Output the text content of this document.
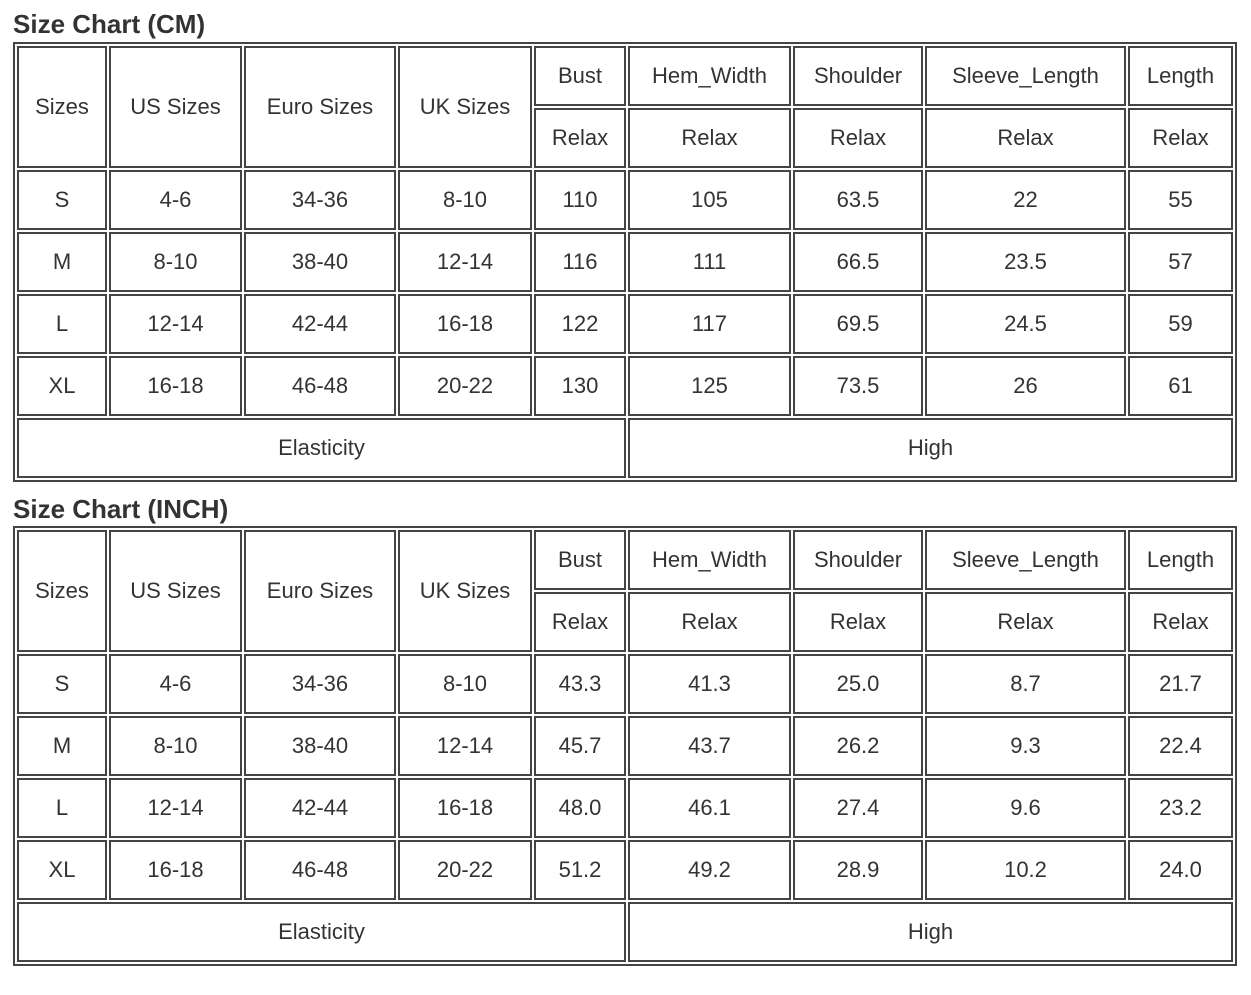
Size Chart (CM)
Sizes	US Sizes	Euro Sizes	UK Sizes	Bust	Hem_Width	Shoulder	Sleeve_Length	Length
				Relax	Relax	Relax	Relax	Relax
S	4-6	34-36	8-10	110	105	63.5	22	55
M	8-10	38-40	12-14	116	111	66.5	23.5	57
L	12-14	42-44	16-18	122	117	69.5	24.5	59
XL	16-18	46-48	20-22	130	125	73.5	26	61
Elasticity					High			
Size Chart (INCH)
Sizes	US Sizes	Euro Sizes	UK Sizes	Bust	Hem_Width	Shoulder	Sleeve_Length	Length
				Relax	Relax	Relax	Relax	Relax
S	4-6	34-36	8-10	43.3	41.3	25.0	8.7	21.7
M	8-10	38-40	12-14	45.7	43.7	26.2	9.3	22.4
L	12-14	42-44	16-18	48.0	46.1	27.4	9.6	23.2
XL	16-18	46-48	20-22	51.2	49.2	28.9	10.2	24.0
Elasticity					High			
